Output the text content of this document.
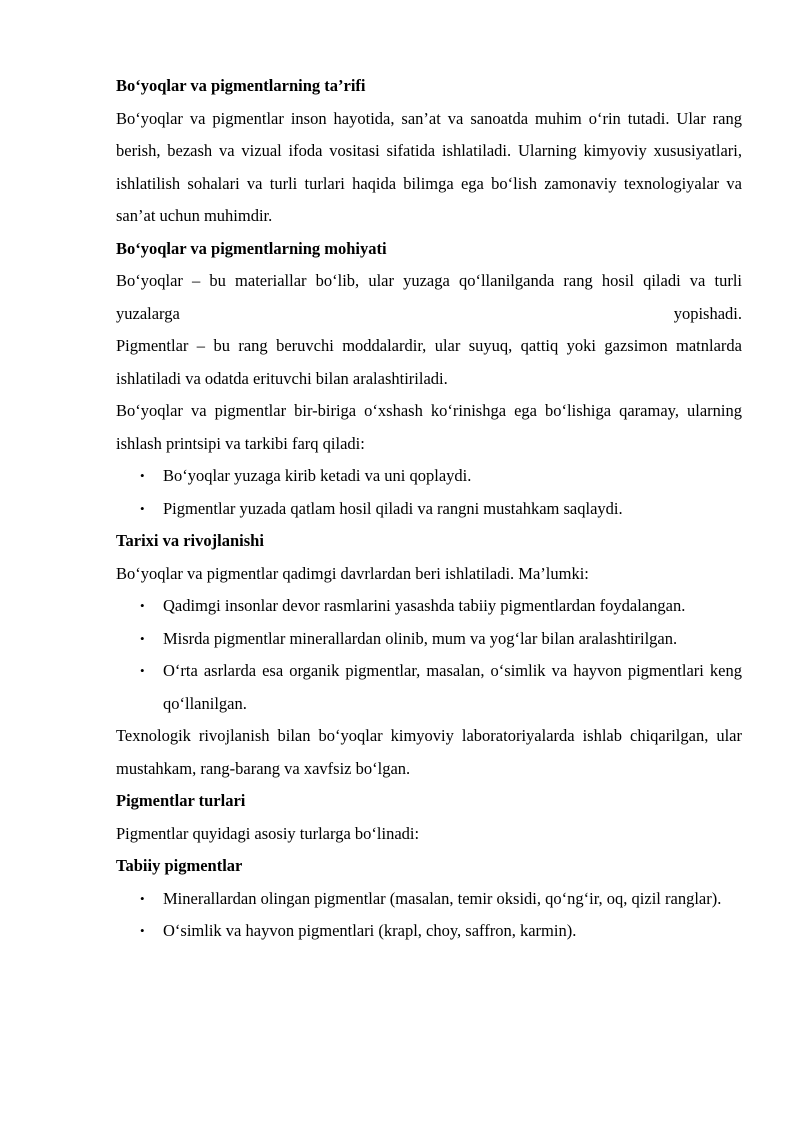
Bo‘yoqlar va pigmentlarning ta’rifi

Bo‘yoqlar va pigmentlar inson hayotida, san’at va sanoatda muhim o‘rin tutadi. Ular rang berish, bezash va vizual ifoda vositasi sifatida ishlatiladi. Ularning kimyoviy xususiyatlari, ishlatilish sohalari va turli turlari haqida bilimga ega bo‘lish zamonaviy texnologiyalar va san’at uchun muhimdir.

Bo‘yoqlar va pigmentlarning mohiyati

Bo‘yoqlar – bu materiallar bo‘lib, ular yuzaga qo‘llanilganda rang hosil qiladi va turli yuzalarga yopishadi.

Pigmentlar – bu rang beruvchi moddalardir, ular suyuq, qattiq yoki gazsimon matnlarda ishlatiladi va odatda erituvchi bilan aralashtiriladi.

Bo‘yoqlar va pigmentlar bir-biriga o‘xshash ko‘rinishga ega bo‘lishiga qaramay, ularning ishlash printsipi va tarkibi farq qiladi:

• Bo‘yoqlar yuzaga kirib ketadi va uni qoplaydi.
• Pigmentlar yuzada qatlam hosil qiladi va rangni mustahkam saqlaydi.

Tarixi va rivojlanishi

Bo‘yoqlar va pigmentlar qadimgi davrlardan beri ishlatiladi. Ma’lumki:

• Qadimgi insonlar devor rasmlarini yasashda tabiiy pigmentlardan foydalangan.
• Misrda pigmentlar minerallardan olinib, mum va yog‘lar bilan aralashtirilgan.
• O‘rta asrlarda esa organik pigmentlar, masalan, o‘simlik va hayvon pigmentlari keng qo‘llanilgan.

Texnologik rivojlanish bilan bo‘yoqlar kimyoviy laboratoriyalarda ishlab chiqarilgan, ular mustahkam, rang-barang va xavfsiz bo‘lgan.

Pigmentlar turlari

Pigmentlar quyidagi asosiy turlarga bo‘linadi:

Tabiiy pigmentlar

• Minerallardan olingan pigmentlar (masalan, temir oksidi, qo‘ng‘ir, oq, qizil ranglar).
• O‘simlik va hayvon pigmentlari (krapl, choy, saffron, karmin).
